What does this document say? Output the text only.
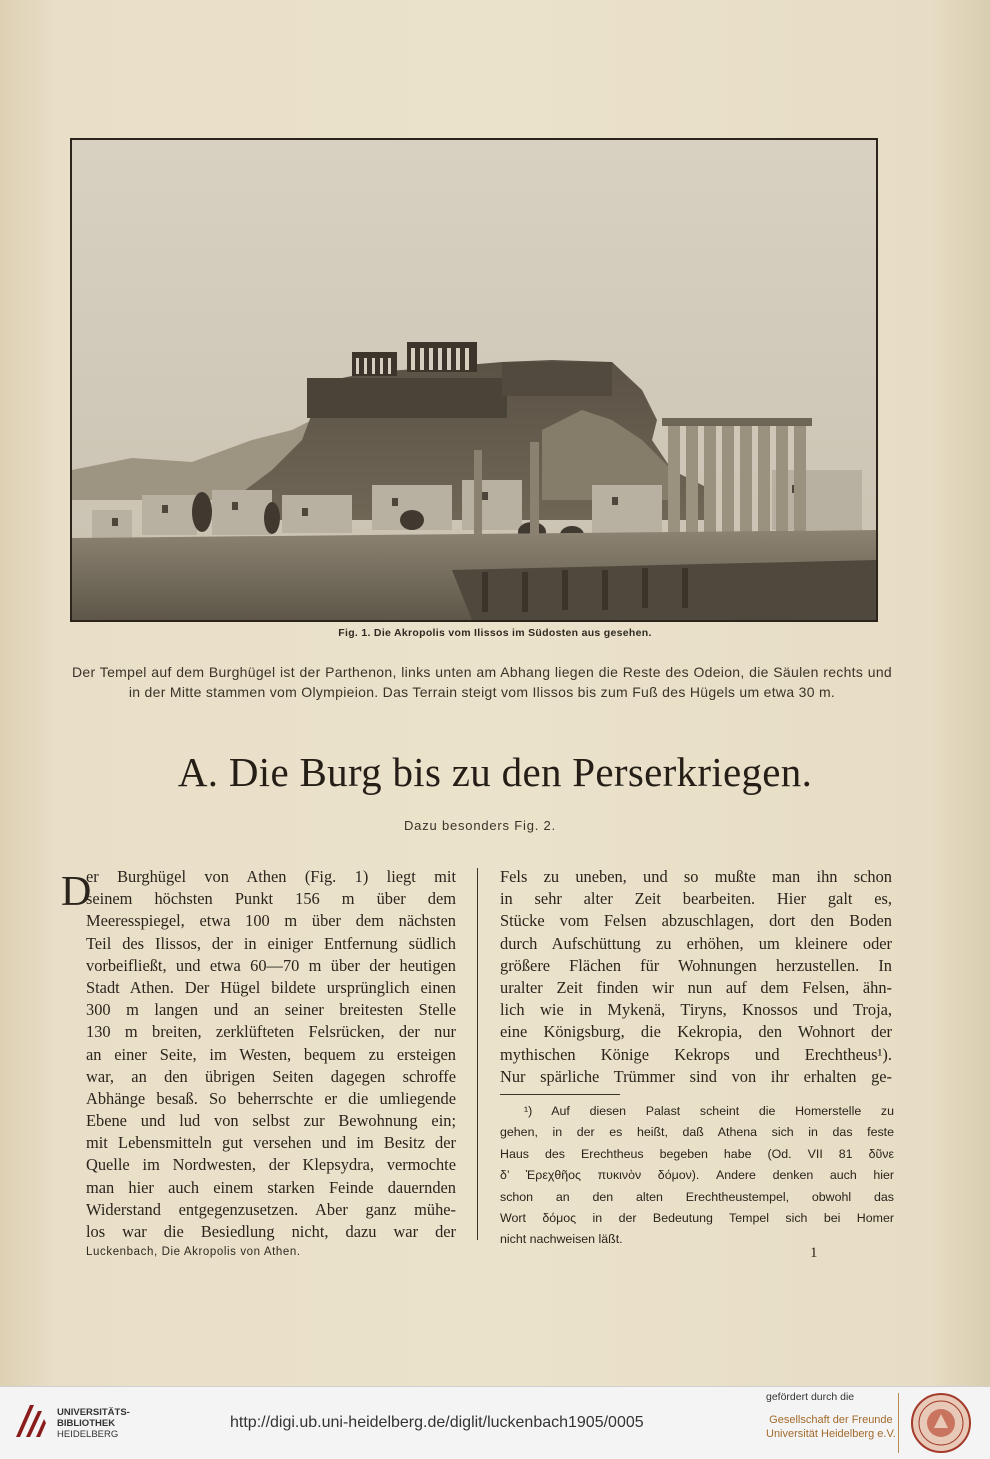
Fig. 1. Die Akropolis vom Ilissos im Südosten aus gesehen.
Der Tempel auf dem Burghügel ist der Parthenon, links unten am Abhang liegen die Reste des Odeion, die Säulen rechts und in der Mitte stammen vom Olympieion. Das Terrain steigt vom Ilissos bis zum Fuß des Hügels um etwa 30 m.
A. Die Burg bis zu den Perserkriegen.
Dazu besonders Fig. 2.
D
er Burghügel von Athen (Fig. 1) liegt mit
seinem höchsten Punkt 156 m über dem
Meeresspiegel, etwa 100 m über dem nächsten
Teil des Ilissos, der in einiger Entfernung südlich
vorbeifließt, und etwa 60—70 m über der heutigen
Stadt Athen. Der Hügel bildete ursprünglich einen
300 m langen und an seiner breitesten Stelle
130 m breiten, zerklüfteten Felsrücken, der nur
an einer Seite, im Westen, bequem zu ersteigen
war, an den übrigen Seiten dagegen schroffe
Abhänge besaß. So beherrschte er die umliegende
Ebene und lud von selbst zur Bewohnung ein;
mit Lebensmitteln gut versehen und im Besitz der
Quelle im Nordwesten, der Klepsydra, vermochte
man hier auch einem starken Feinde dauernden
Widerstand entgegenzusetzen. Aber ganz mühe-
los war die Besiedlung nicht, dazu war der
Fels zu uneben, und so mußte man ihn schon
in sehr alter Zeit bearbeiten. Hier galt es,
Stücke vom Felsen abzuschlagen, dort den Boden
durch Aufschüttung zu erhöhen, um kleinere oder
größere Flächen für Wohnungen herzustellen. In
uralter Zeit finden wir nun auf dem Felsen, ähn-
lich wie in Mykenä, Tiryns, Knossos und Troja,
eine Königsburg, die Kekropia, den Wohnort der
mythischen Könige Kekrops und Erechtheus¹).
Nur spärliche Trümmer sind von ihr erhalten ge-
¹) Auf diesen Palast scheint die Homerstelle zu
gehen, in der es heißt, daß Athena sich in das feste
Haus des Erechtheus begeben habe (Od. VII 81 δῦνε
δ’ Ἐρεχθῆος πυκινὸν δόμον). Andere denken auch hier
schon an den alten Erechtheustempel, obwohl das
Wort δόμος in der Bedeutung Tempel sich bei Homer
nicht nachweisen läßt.
Luckenbach, Die Akropolis von Athen.	1
UNIVERSITÄTS-
BIBLIOTHEK
HEIDELBERG
http://digi.ub.uni-heidelberg.de/diglit/luckenbach1905/0005
gefördert durch die
Gesellschaft der Freunde
Universität Heidelberg e.V.
